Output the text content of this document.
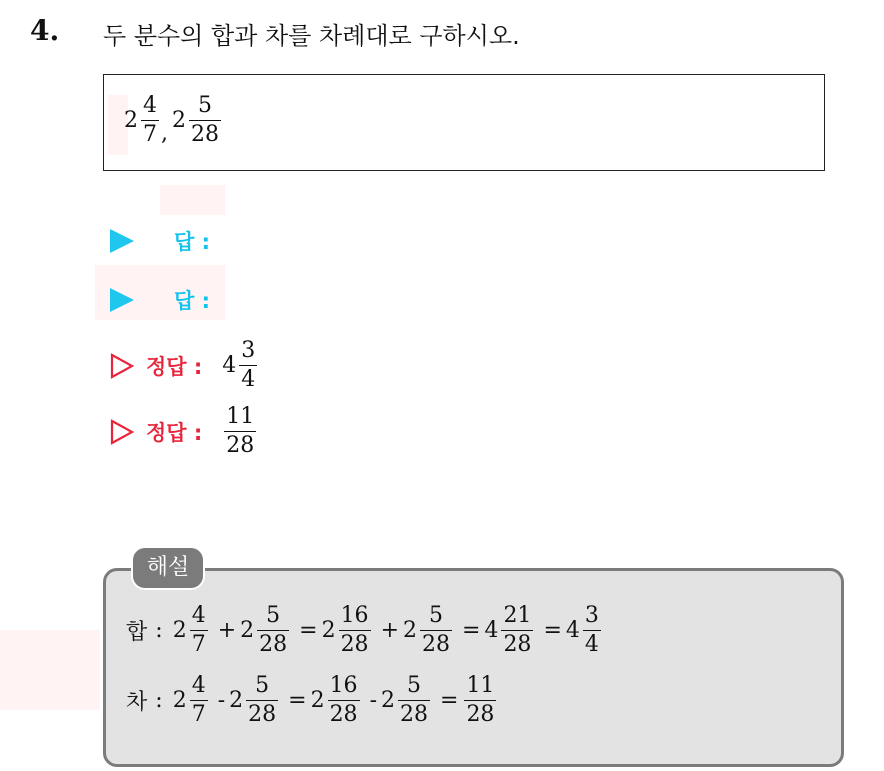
4. 두 분수의 합과 차를 차례대로 구하시오.
$2 \frac{4}{7}$ ,
$2 \frac{5}{28}$
답 :
답 :
정답 : $4 \frac{3}{4}$
정답 : $\frac{11}{28}$
해설
합 : $2 \frac{4}{7} + 2 \frac{5}{28} = 2 \frac{16}{28} + 2 \frac{5}{28} = 4 \frac{21}{28} = 4 \frac{3}{4}$
차 : $2 \frac{4}{7} - 2 \frac{5}{28} = 2 \frac{16}{28} - 2 \frac{5}{28} = \frac{11}{28}$
